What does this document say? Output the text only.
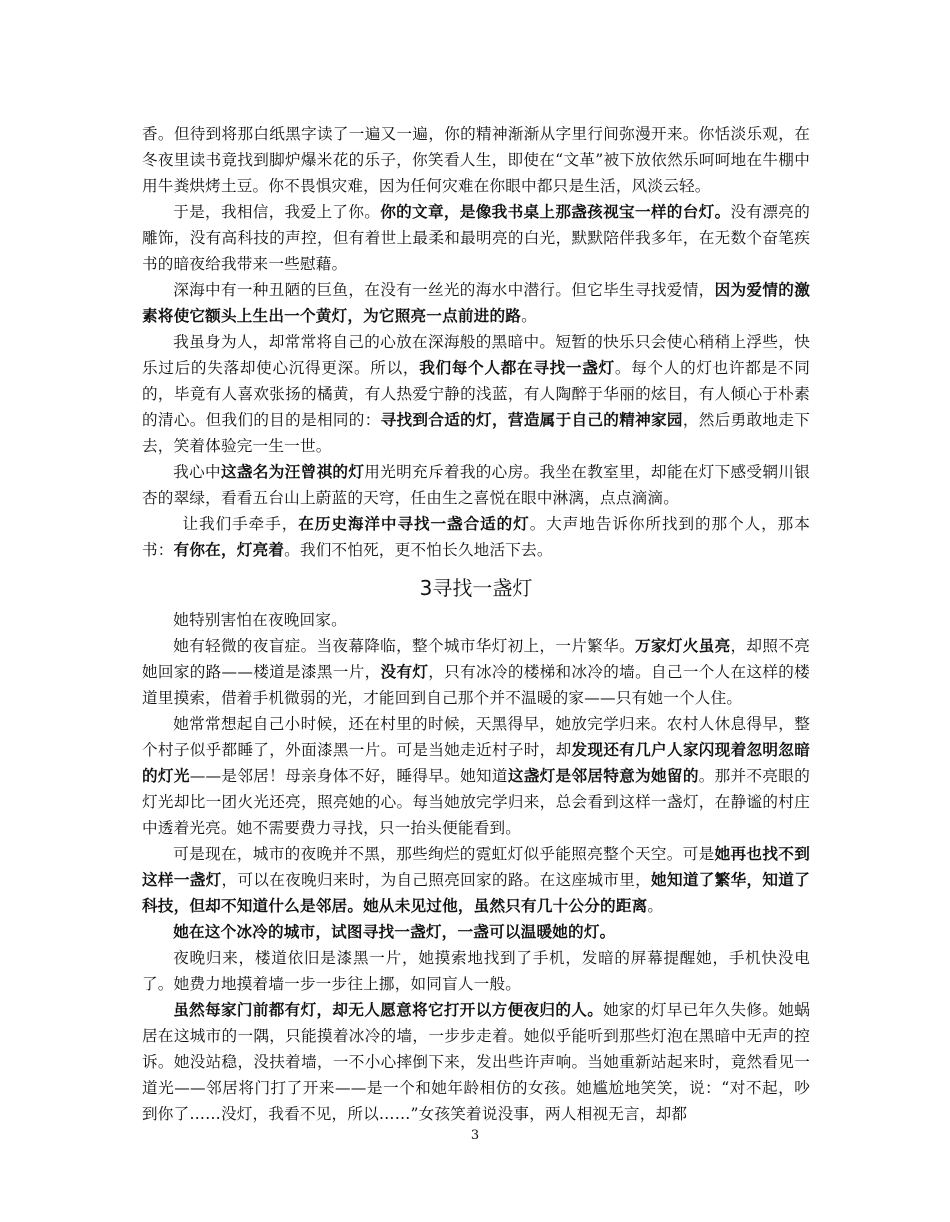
香。但待到将那白纸黑字读了一遍又一遍，你的精神渐渐从字里行间弥漫开来。你恬淡乐观，在冬夜里读书竟找到脚炉爆米花的乐子，你笑看人生，即使在“文革”被下放依然乐呵呵地在牛棚中用牛粪烘烤土豆。你不畏惧灾难，因为任何灾难在你眼中都只是生活，风淡云轻。

于是，我相信，我爱上了你。你的文章，是像我书桌上那盏孩视宝一样的台灯。没有漂亮的雕饰，没有高科技的声控，但有着世上最柔和最明亮的白光，默默陪伴我多年，在无数个奋笔疾书的暗夜给我带来一些慰藉。

深海中有一种丑陋的巨鱼，在没有一丝光的海水中潜行。但它毕生寻找爱情，因为爱情的激素将使它额头上生出一个黄灯，为它照亮一点前进的路。

我虽身为人，却常常将自己的心放在深海般的黑暗中。短暂的快乐只会使心稍稍上浮些，快乐过后的失落却使心沉得更深。所以，我们每个人都在寻找一盏灯。每个人的灯也许都是不同的，毕竟有人喜欢张扬的橘黄，有人热爱宁静的浅蓝，有人陶醉于华丽的炫目，有人倾心于朴素的清心。但我们的目的是相同的：寻找到合适的灯，营造属于自己的精神家园，然后勇敢地走下去，笑着体验完一生一世。

我心中这盏名为汪曾祺的灯用光明充斥着我的心房。我坐在教室里，却能在灯下感受辋川银杏的翠绿，看看五台山上蔚蓝的天穹，任由生之喜悦在眼中淋漓，点点滴滴。

让我们手牵手，在历史海洋中寻找一盏合适的灯。大声地告诉你所找到的那个人，那本书：有你在，灯亮着。我们不怕死，更不怕长久地活下去。

3寻找一盏灯

她特别害怕在夜晚回家。

她有轻微的夜盲症。当夜幕降临，整个城市华灯初上，一片繁华。万家灯火虽亮，却照不亮她回家的路——楼道是漆黑一片，没有灯，只有冰冷的楼梯和冰冷的墙。自己一个人在这样的楼道里摸索，借着手机微弱的光，才能回到自己那个并不温暖的家——只有她一个人住。

她常常想起自己小时候，还在村里的时候，天黑得早，她放完学归来。农村人休息得早，整个村子似乎都睡了，外面漆黑一片。可是当她走近村子时，却发现还有几户人家闪现着忽明忽暗的灯光——是邻居！母亲身体不好，睡得早。她知道这盏灯是邻居特意为她留的。那并不亮眼的灯光却比一团火光还亮，照亮她的心。每当她放完学归来，总会看到这样一盏灯，在静谧的村庄中透着光亮。她不需要费力寻找，只一抬头便能看到。

可是现在，城市的夜晚并不黑，那些绚烂的霓虹灯似乎能照亮整个天空。可是她再也找不到这样一盏灯，可以在夜晚归来时，为自己照亮回家的路。在这座城市里，她知道了繁华，知道了科技，但却不知道什么是邻居。她从未见过他，虽然只有几十公分的距离。

她在这个冰冷的城市，试图寻找一盏灯，一盏可以温暖她的灯。

夜晚归来，楼道依旧是漆黑一片，她摸索地找到了手机，发暗的屏幕提醒她，手机快没电了。她费力地摸着墙一步一步往上挪，如同盲人一般。

虽然每家门前都有灯，却无人愿意将它打开以方便夜归的人。她家的灯早已年久失修。她蜗居在这城市的一隅，只能摸着冰冷的墙，一步步走着。她似乎能听到那些灯泡在黑暗中无声的控诉。她没站稳，没扶着墙，一不小心摔倒下来，发出些许声响。当她重新站起来时，竟然看见一道光——邻居将门打了开来——是一个和她年龄相仿的女孩。她尴尬地笑笑，说：“对不起，吵到你了……没灯，我看不见，所以……”女孩笑着说没事，两人相视无言，却都

3
